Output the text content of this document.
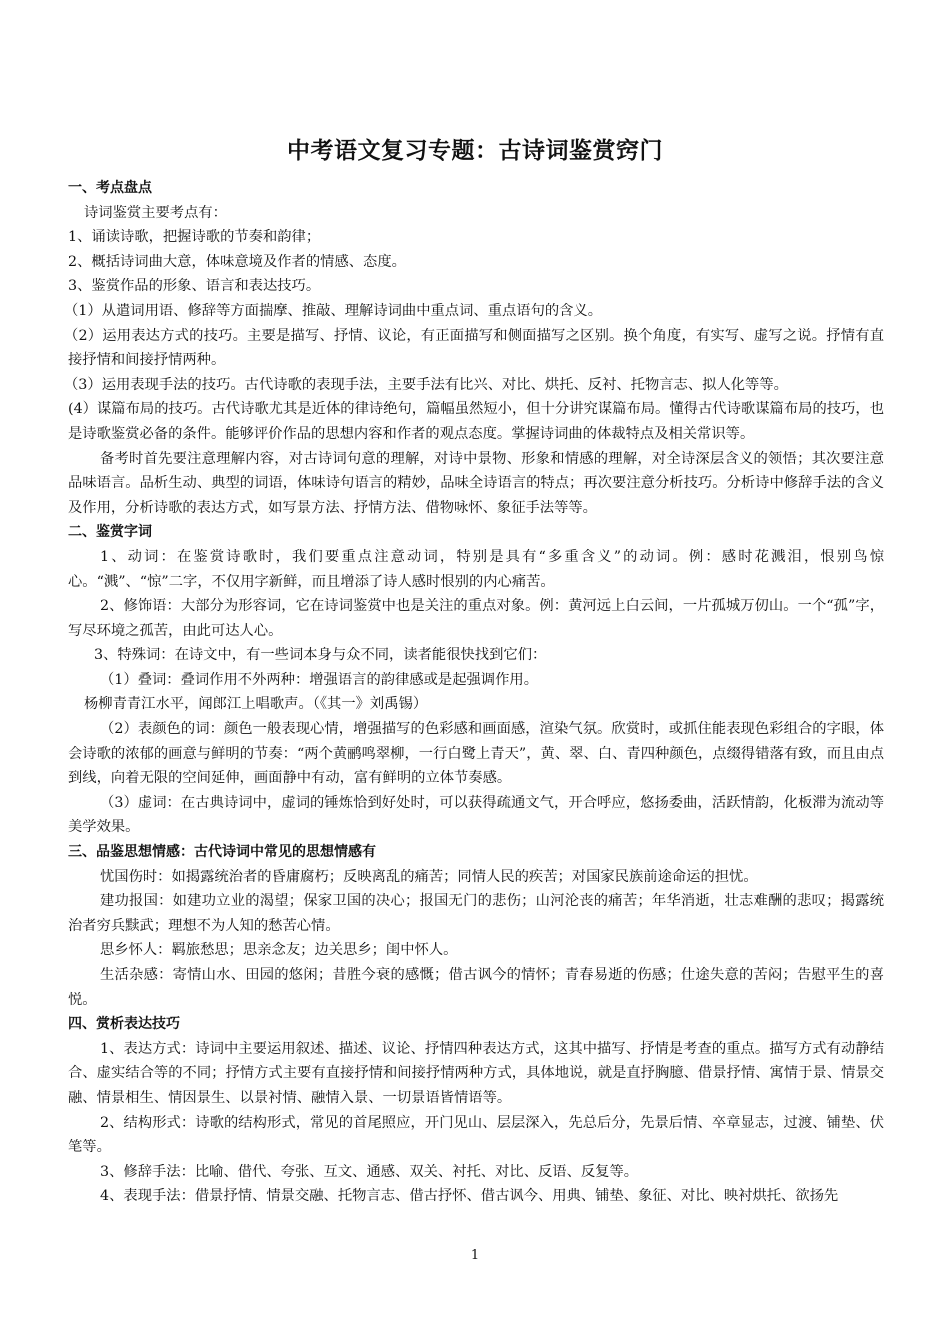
中考语文复习专题：古诗词鉴赏窍门

一、考点盘点

诗词鉴赏主要考点有：

1、诵读诗歌，把握诗歌的节奏和韵律；

2、概括诗词曲大意，体味意境及作者的情感、态度。

3、鉴赏作品的形象、语言和表达技巧。

（1）从遣词用语、修辞等方面揣摩、推敲、理解诗词曲中重点词、重点语句的含义。

（2）运用表达方式的技巧。主要是描写、抒情、议论，有正面描写和侧面描写之区别。换个角度，有实写、虚写之说。抒情有直接抒情和间接抒情两种。

（3）运用表现手法的技巧。古代诗歌的表现手法，主要手法有比兴、对比、烘托、反衬、托物言志、拟人化等等。

(4）谋篇布局的技巧。古代诗歌尤其是近体的律诗绝句，篇幅虽然短小，但十分讲究谋篇布局。懂得古代诗歌谋篇布局的技巧，也是诗歌鉴赏必备的条件。能够评价作品的思想内容和作者的观点态度。掌握诗词曲的体裁特点及相关常识等。

备考时首先要注意理解内容，对古诗词句意的理解，对诗中景物、形象和情感的理解，对全诗深层含义的领悟；其次要注意品味语言。品析生动、典型的词语，体味诗句语言的精妙，品味全诗语言的特点；再次要注意分析技巧。分析诗中修辞手法的含义及作用，分析诗歌的表达方式，如写景方法、抒情方法、借物咏怀、象征手法等等。

二、鉴赏字词

1、动词：在鉴赏诗歌时，我们要重点注意动词，特别是具有“多重含义”的动词。例：感时花溅泪，恨别鸟惊心。“溅”、“惊”二字，不仅用字新鲜，而且增添了诗人感时恨别的内心痛苦。

2、修饰语：大部分为形容词，它在诗词鉴赏中也是关注的重点对象。例：黄河远上白云间，一片孤城万仞山。一个“孤”字，写尽环境之孤苦，由此可达人心。

3、特殊词：在诗文中，有一些词本身与众不同，读者能很快找到它们：

（1）叠词：叠词作用不外两种：增强语言的韵律感或是起强调作用。

杨柳青青江水平，闻郎江上唱歌声。（《其一》刘禹锡）

（2）表颜色的词：颜色一般表现心情，增强描写的色彩感和画面感，渲染气氛。欣赏时，或抓住能表现色彩组合的字眼，体会诗歌的浓郁的画意与鲜明的节奏：“两个黄鹂鸣翠柳，一行白鹭上青天”，黄、翠、白、青四种颜色，点缀得错落有致，而且由点到线，向着无限的空间延伸，画面静中有动，富有鲜明的立体节奏感。

（3）虚词：在古典诗词中，虚词的锤炼恰到好处时，可以获得疏通文气，开合呼应，悠扬委曲，活跃情韵，化板滞为流动等美学效果。

三、品鉴思想情感：古代诗词中常见的思想情感有

忧国伤时：如揭露统治者的昏庸腐朽；反映离乱的痛苦；同情人民的疾苦；对国家民族前途命运的担忧。

建功报国：如建功立业的渴望；保家卫国的决心；报国无门的悲伤；山河沦丧的痛苦；年华消逝，壮志难酬的悲叹；揭露统治者穷兵黩武；理想不为人知的愁苦心情。

思乡怀人：羁旅愁思；思亲念友；边关思乡；闺中怀人。

生活杂感：寄情山水、田园的悠闲；昔胜今衰的感慨；借古讽今的情怀；青春易逝的伤感；仕途失意的苦闷；告慰平生的喜悦。

四、赏析表达技巧

1、表达方式：诗词中主要运用叙述、描述、议论、抒情四种表达方式，这其中描写、抒情是考查的重点。描写方式有动静结合、虚实结合等的不同；抒情方式主要有直接抒情和间接抒情两种方式，具体地说，就是直抒胸臆、借景抒情、寓情于景、情景交融、情景相生、情因景生、以景衬情、融情入景、一切景语皆情语等。

2、结构形式：诗歌的结构形式，常见的首尾照应，开门见山、层层深入，先总后分，先景后情、卒章显志，过渡、铺垫、伏笔等。

3、修辞手法：比喻、借代、夸张、互文、通感、双关、衬托、对比、反语、反复等。

4、表现手法：借景抒情、情景交融、托物言志、借古抒怀、借古讽今、用典、铺垫、象征、对比、映衬烘托、欲扬先

1
